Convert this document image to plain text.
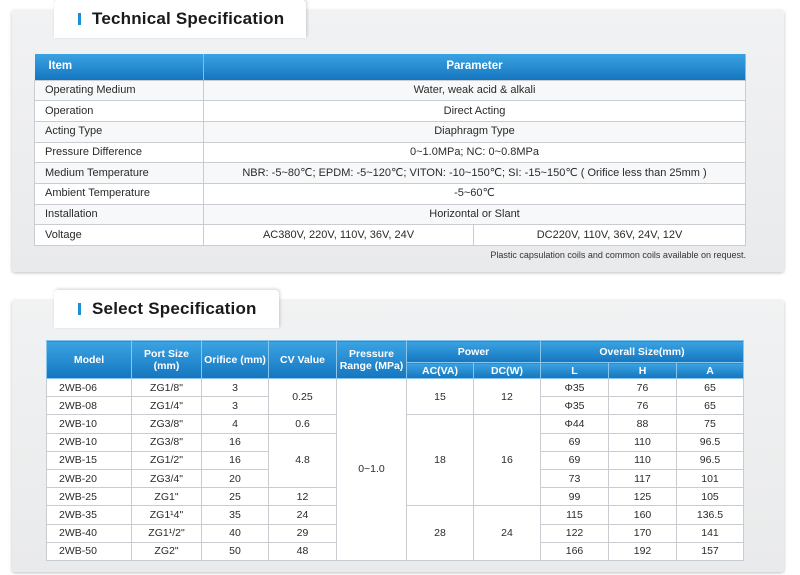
Technical Specification
Plastic capsulation coils and common coils available on request.
Item	Parameter	
Operating Medium	Water, weak acid & alkali	
Operation	Direct Acting	
Acting Type	Diaphragm Type	
Pressure Difference	0~1.0MPa; NC: 0~0.8MPa	
Medium Temperature	NBR: -5~80℃; EPDM: -5~120℃; VITON: -10~150℃; SI: -15~150℃ ( Orifice less than 25mm )	
Ambient Temperature	-5~60℃	
Installation	Horizontal or Slant	
Voltage	AC380V, 220V, 110V, 36V, 24V	DC220V, 110V, 36V, 24V, 12V
Select Specification
Model	Port Size (mm)	Orifice (mm)	CV Value	Pressure Range (MPa)	Power		Overall Size(mm)		
					AC(VA)	DC(W)	L	H	A
2WB-06	ZG1/8"	3	0.25	0~1.0	15	12	Φ35	76	65
2WB-08	ZG1/4"	3					Φ35	76	65
2WB-10	ZG3/8"	4	0.6		18	16	Φ44	88	75
2WB-10	ZG3/8"	16	4.8				69	110	96.5
2WB-15	ZG1/2"	16					69	110	96.5
2WB-20	ZG3/4"	20					73	117	101
2WB-25	ZG1"	25	12				99	125	105
2WB-35	ZG1¹4"	35	24		28	24	115	160	136.5
2WB-40	ZG1¹/2"	40	29				122	170	141
2WB-50	ZG2"	50	48				166	192	157
